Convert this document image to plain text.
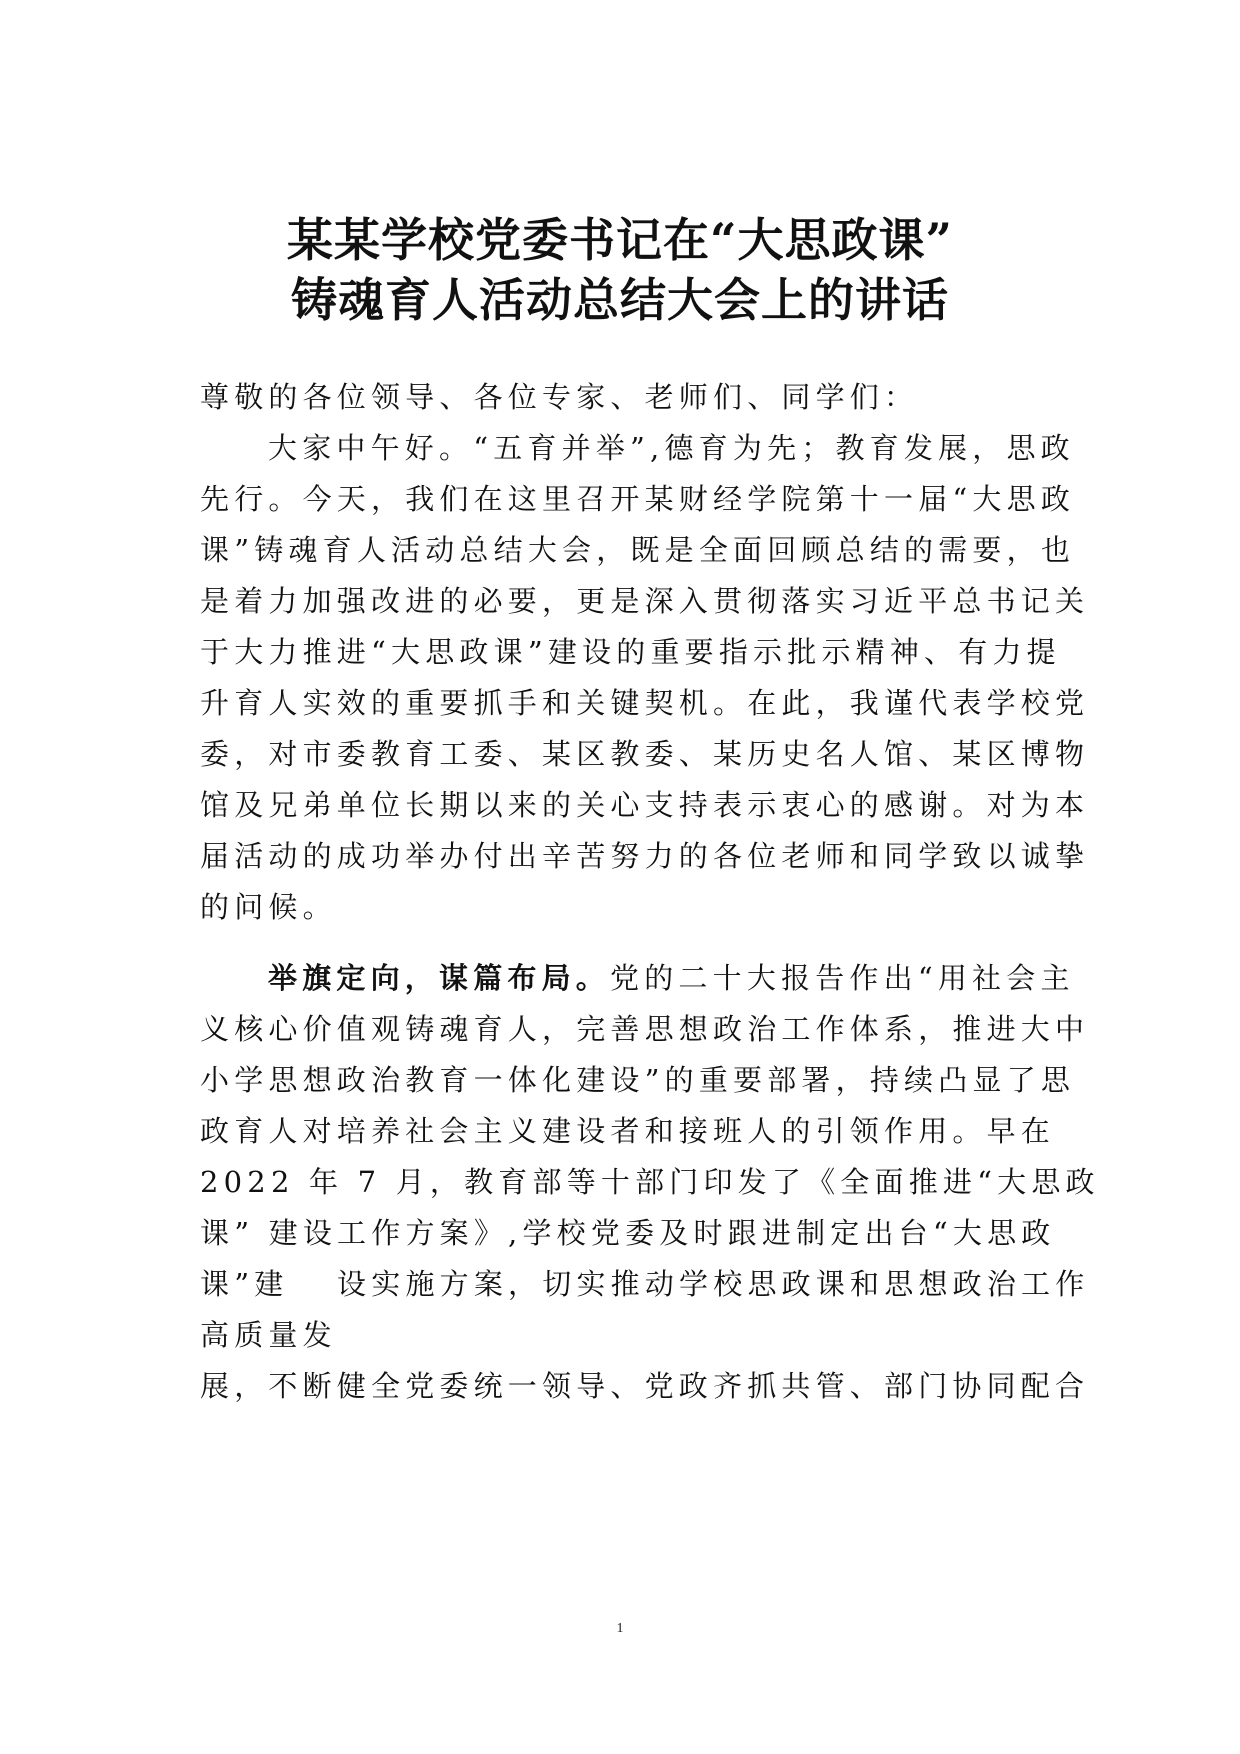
某某学校党委书记在“大思政课”
铸魂育人活动总结大会上的讲话
尊敬的各位领导、各位专家、老师们、同学们：
大家中午好。“五育并举”,德育为先；教育发展，思政
先行。今天，我们在这里召开某财经学院第十一届“大思政
课”铸魂育人活动总结大会，既是全面回顾总结的需要，也
是着力加强改进的必要，更是深入贯彻落实习近平总书记关
于大力推进“大思政课”建设的重要指示批示精神、有力提
升育人实效的重要抓手和关键契机。在此，我谨代表学校党
委，对市委教育工委、某区教委、某历史名人馆、某区博物
馆及兄弟单位长期以来的关心支持表示衷心的感谢。对为本
届活动的成功举办付出辛苦努力的各位老师和同学致以诚挚
的问候。
举旗定向，谋篇布局。党的二十大报告作出“用社会主
义核心价值观铸魂育人，完善思想政治工作体系，推进大中
小学思想政治教育一体化建设”的重要部署，持续凸显了思
政育人对培养社会主义建设者和接班人的引领作用。早在
2022 年 7 月，教育部等十部门印发了《全面推进“大思政
课” 建设工作方案》,学校党委及时跟进制定出台“大思政
课”建　 设实施方案，切实推动学校思政课和思想政治工作
高质量发
展，不断健全党委统一领导、党政齐抓共管、部门协同配合
1
